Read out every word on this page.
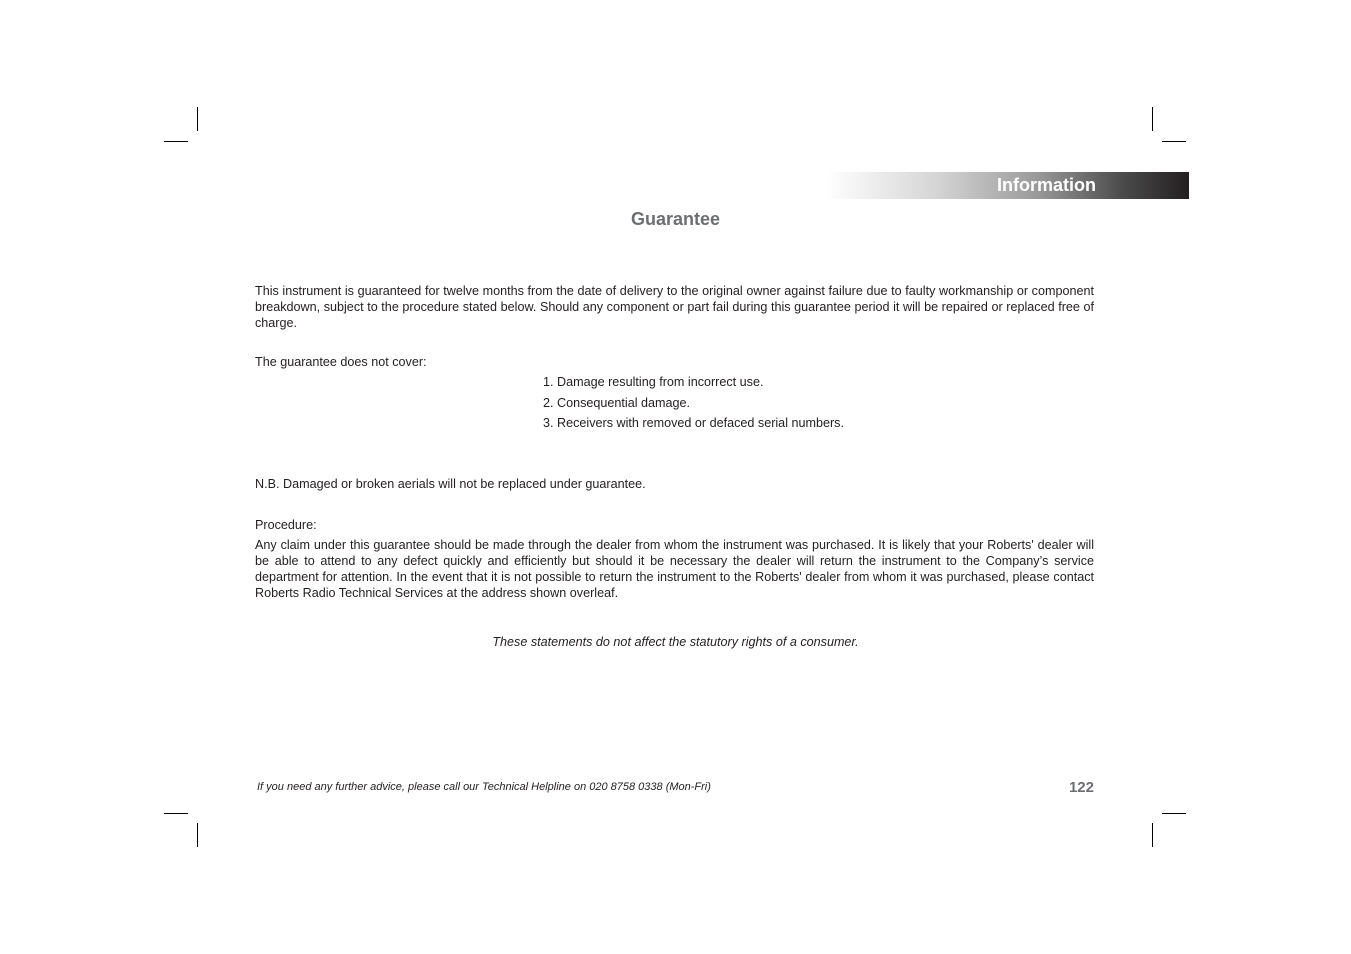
Information
Guarantee

This instrument is guaranteed for twelve months from the date of delivery to the original owner against failure due to faulty workmanship or component breakdown, subject to the procedure stated below. Should any component or part fail during this guarantee period it will be repaired or replaced free of charge.

The guarantee does not cover:
1. Damage resulting from incorrect use.
2. Consequential damage.
3. Receivers with removed or defaced serial numbers.
N.B. Damaged or broken aerials will not be replaced under guarantee.
Procedure:

Any claim under this guarantee should be made through the dealer from whom the instrument was purchased. It is likely that your Roberts' dealer will be able to attend to any defect quickly and efficiently but should it be necessary the dealer will return the instrument to the Company’s service department for attention. In the event that it is not possible to return the instrument to the Roberts' dealer from whom it was purchased, please contact Roberts Radio Technical Services at the address shown overleaf.

These statements do not affect the statutory rights of a consumer.
If you need any further advice, please call our Technical Helpline on 020 8758 0338 (Mon-Fri)	122
